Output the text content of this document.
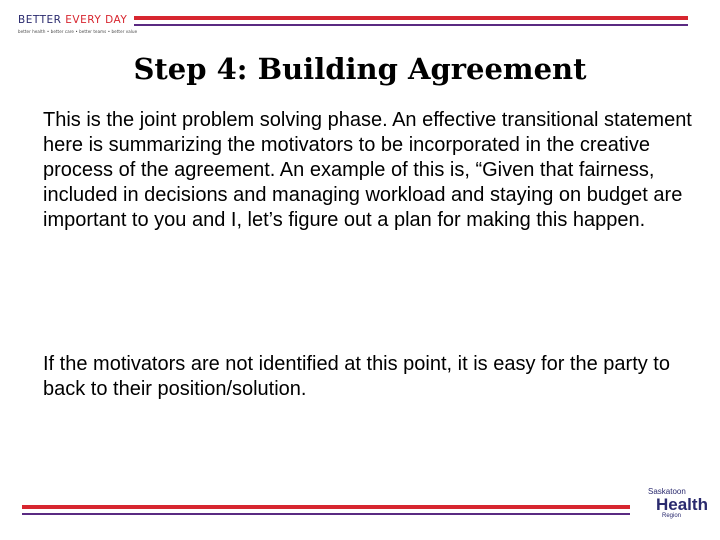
BETTER EVERY DAY
better health • better care • better teams • better value
Step 4: Building Agreement

This is the joint problem solving phase. An effective transitional statement here is summarizing the motivators to be incorporated in the creative process of the agreement. An example of this is, “Given that fairness, included in decisions and managing workload and staying on budget are important to you and I, let’s figure out a plan for making this happen.

If the motivators are not identified at this point, it is easy for the party to back to their position/solution.

Saskatoon
Health
Region
